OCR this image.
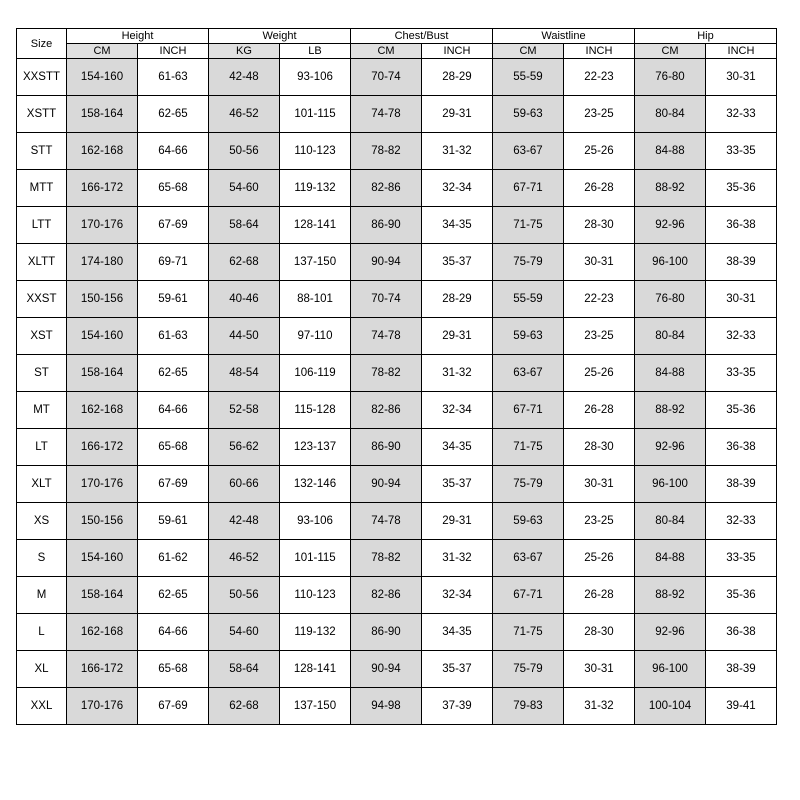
Size	Height		Weight		Chest/Bust		Waistline		Hip	
	CM	INCH	KG	LB	CM	INCH	CM	INCH	CM	INCH
XXSTT	154-160	61-63	42-48	93-106	70-74	28-29	55-59	22-23	76-80	30-31
XSTT	158-164	62-65	46-52	101-115	74-78	29-31	59-63	23-25	80-84	32-33
STT	162-168	64-66	50-56	110-123	78-82	31-32	63-67	25-26	84-88	33-35
MTT	166-172	65-68	54-60	119-132	82-86	32-34	67-71	26-28	88-92	35-36
LTT	170-176	67-69	58-64	128-141	86-90	34-35	71-75	28-30	92-96	36-38
XLTT	174-180	69-71	62-68	137-150	90-94	35-37	75-79	30-31	96-100	38-39
XXST	150-156	59-61	40-46	88-101	70-74	28-29	55-59	22-23	76-80	30-31
XST	154-160	61-63	44-50	97-110	74-78	29-31	59-63	23-25	80-84	32-33
ST	158-164	62-65	48-54	106-119	78-82	31-32	63-67	25-26	84-88	33-35
MT	162-168	64-66	52-58	115-128	82-86	32-34	67-71	26-28	88-92	35-36
LT	166-172	65-68	56-62	123-137	86-90	34-35	71-75	28-30	92-96	36-38
XLT	170-176	67-69	60-66	132-146	90-94	35-37	75-79	30-31	96-100	38-39
XS	150-156	59-61	42-48	93-106	74-78	29-31	59-63	23-25	80-84	32-33
S	154-160	61-62	46-52	101-115	78-82	31-32	63-67	25-26	84-88	33-35
M	158-164	62-65	50-56	110-123	82-86	32-34	67-71	26-28	88-92	35-36
L	162-168	64-66	54-60	119-132	86-90	34-35	71-75	28-30	92-96	36-38
XL	166-172	65-68	58-64	128-141	90-94	35-37	75-79	30-31	96-100	38-39
XXL	170-176	67-69	62-68	137-150	94-98	37-39	79-83	31-32	100-104	39-41
